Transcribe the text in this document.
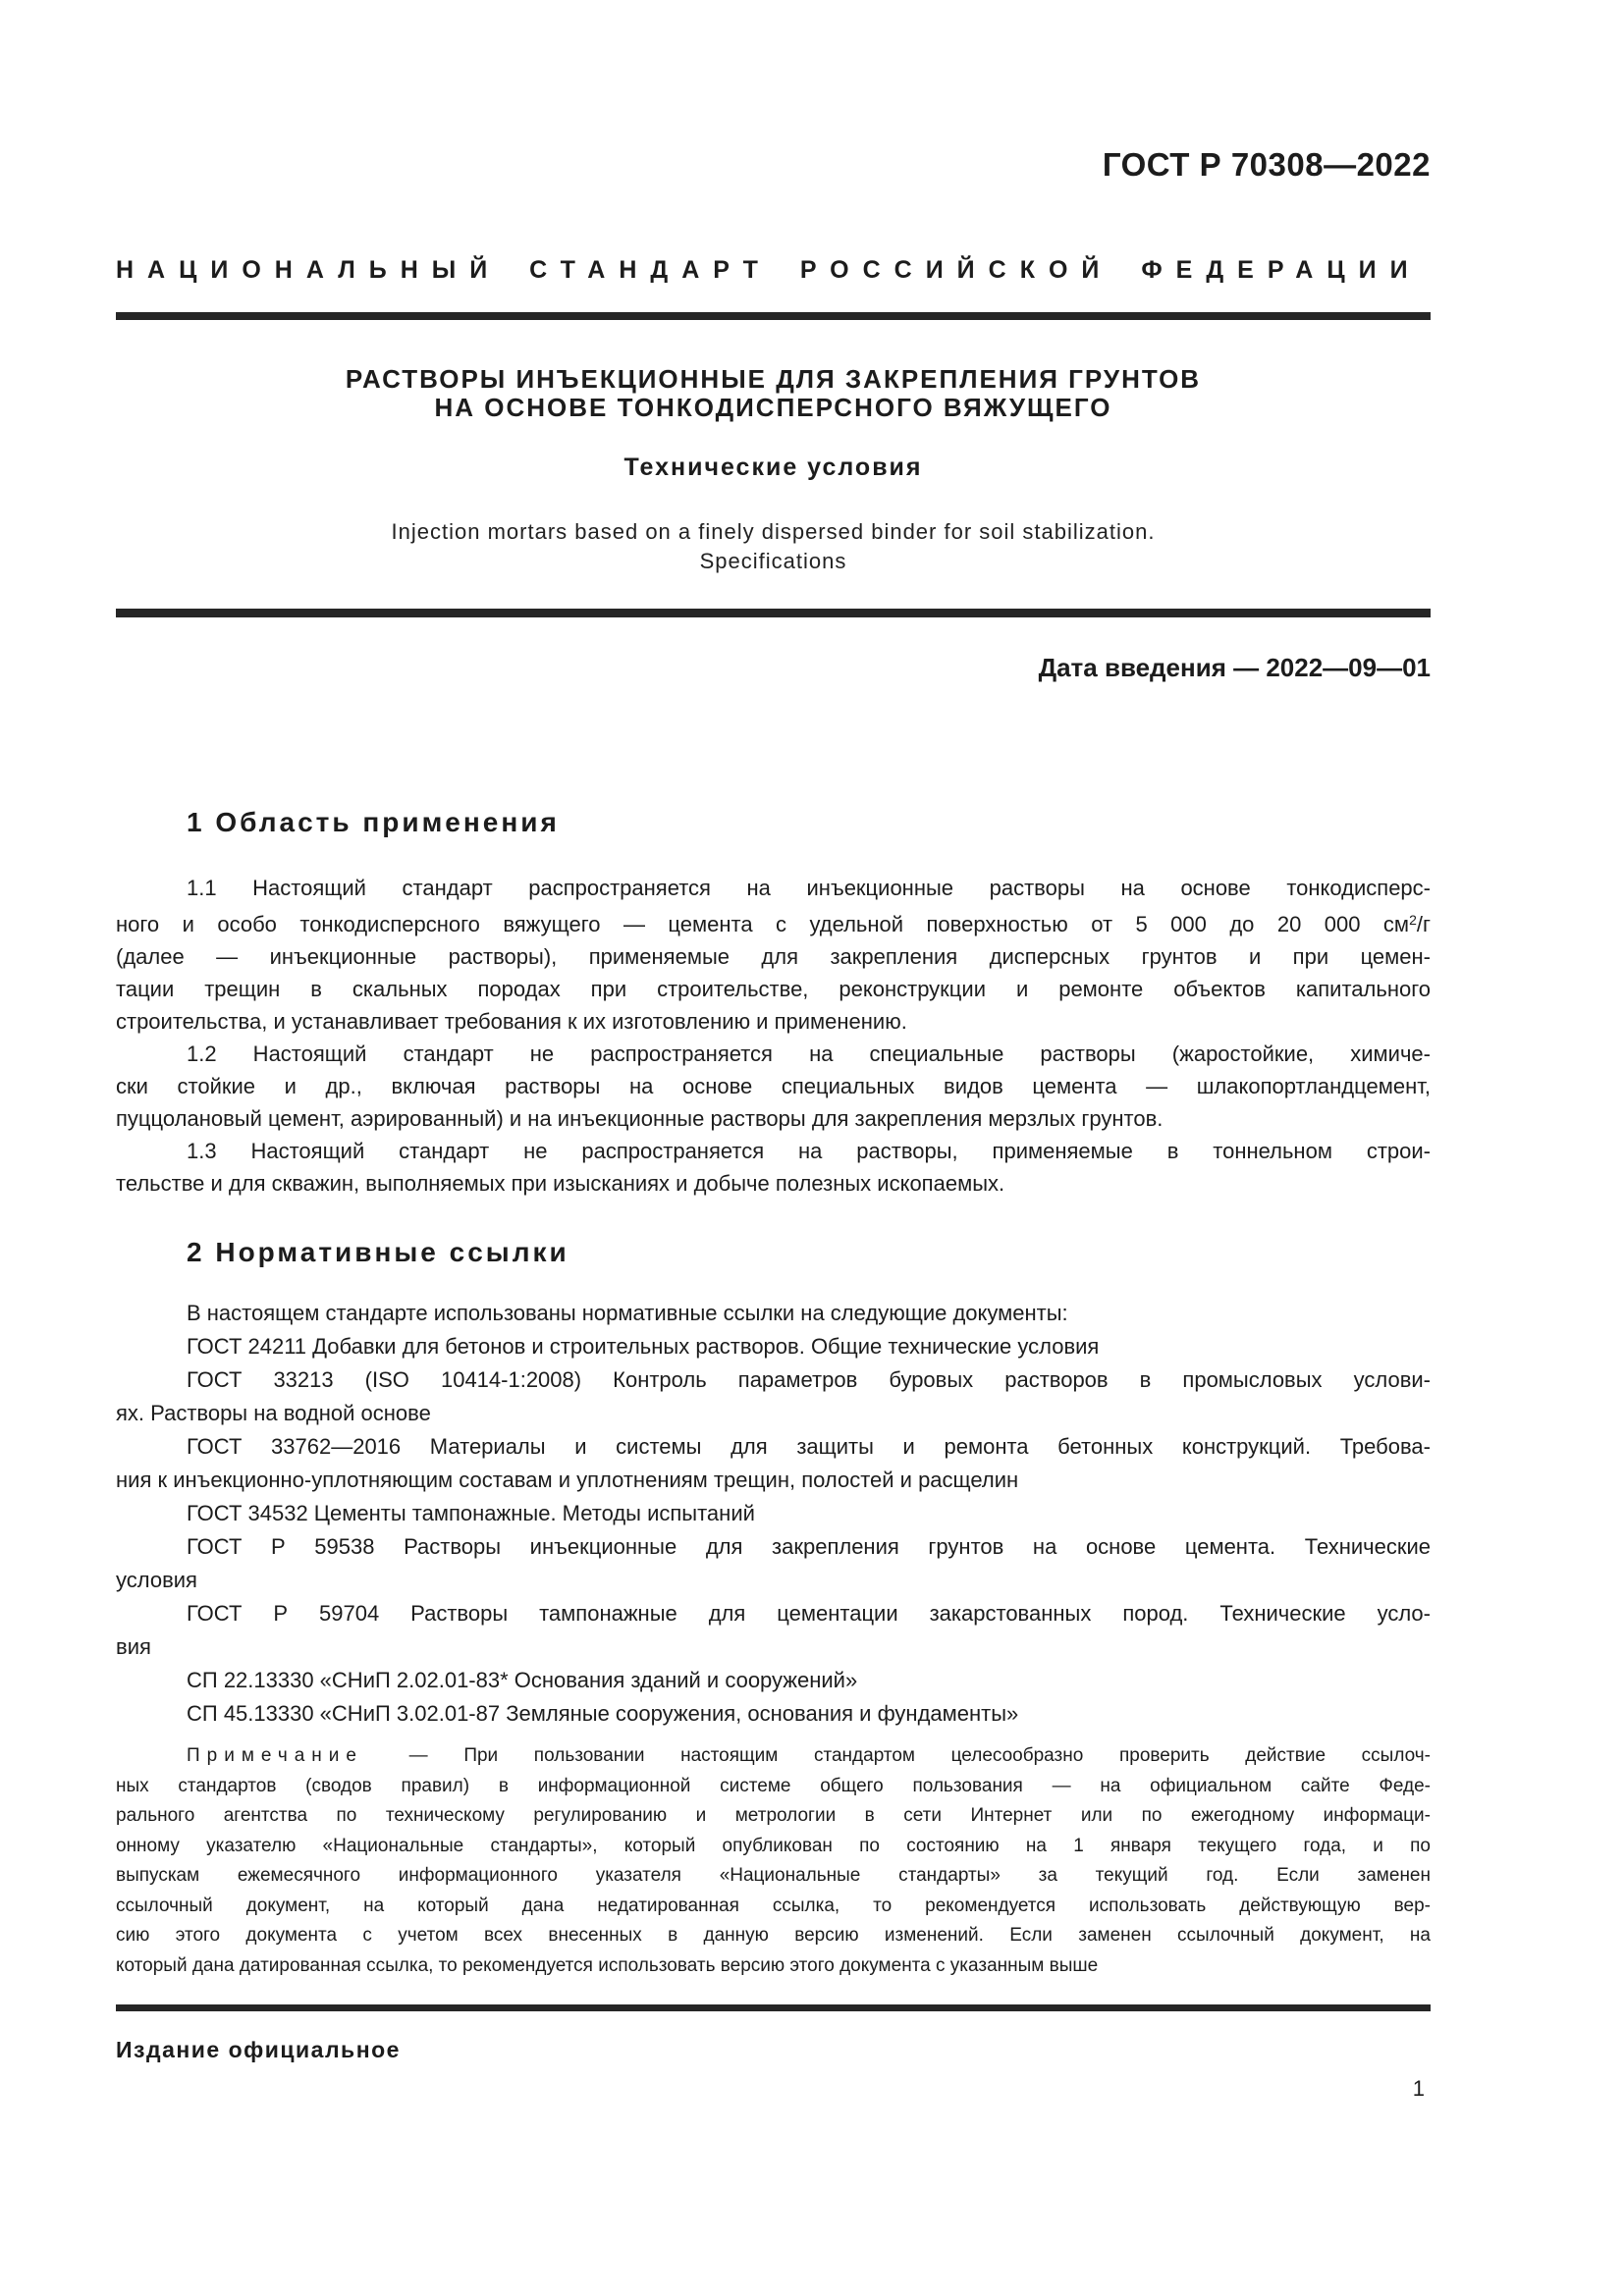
ГОСТ Р 70308—2022
НАЦИОНАЛЬНЫЙ СТАНДАРТ РОССИЙСКОЙ ФЕДЕРАЦИИ
РАСТВОРЫ ИНЪЕКЦИОННЫЕ ДЛЯ ЗАКРЕПЛЕНИЯ ГРУНТОВ
НА ОСНОВЕ ТОНКОДИСПЕРСНОГО ВЯЖУЩЕГО
Технические условия
Injection mortars based on a finely dispersed binder for soil stabilization.
Specifications
Дата введения — 2022—09—01
1 Область применения
1.1 Настоящий стандарт распространяется на инъекционные растворы на основе тонкодисперс-
ного и особо тонкодисперсного вяжущего — цемента с удельной поверхностью от 5 000 до 20 000 $см^2/г$
(далее — инъекционные растворы), применяемые для закрепления дисперсных грунтов и при цемен-
тации трещин в скальных породах при строительстве, реконструкции и ремонте объектов капитального
строительства, и устанавливает требования к их изготовлению и применению.
1.2 Настоящий стандарт не распространяется на специальные растворы (жаростойкие, химиче-
ски стойкие и др., включая растворы на основе специальных видов цемента — шлакопортландцемент,
пуццолановый цемент, аэрированный) и на инъекционные растворы для закрепления мерзлых грунтов.
1.3 Настоящий стандарт не распространяется на растворы, применяемые в тоннельном строи-
тельстве и для скважин, выполняемых при изысканиях и добыче полезных ископаемых.
2 Нормативные ссылки
В настоящем стандарте использованы нормативные ссылки на следующие документы:
ГОСТ 24211 Добавки для бетонов и строительных растворов. Общие технические условия
ГОСТ 33213 (ISO 10414-1:2008) Контроль параметров буровых растворов в промысловых услови-
ях. Растворы на водной основе
ГОСТ 33762—2016 Материалы и системы для защиты и ремонта бетонных конструкций. Требова-
ния к инъекционно-уплотняющим составам и уплотнениям трещин, полостей и расщелин
ГОСТ 34532 Цементы тампонажные. Методы испытаний
ГОСТ Р 59538 Растворы инъекционные для закрепления грунтов на основе цемента. Технические
условия
ГОСТ Р 59704 Растворы тампонажные для цементации закарстованных пород. Технические усло-
вия
СП 22.13330 «СНиП 2.02.01-83* Основания зданий и сооружений»
СП 45.13330 «СНиП 3.02.01-87 Земляные сооружения, основания и фундаменты»
Примечание — При пользовании настоящим стандартом целесообразно проверить действие ссылоч-
ных стандартов (сводов правил) в информационной системе общего пользования — на официальном сайте Феде-
рального агентства по техническому регулированию и метрологии в сети Интернет или по ежегодному информаци-
онному указателю «Национальные стандарты», который опубликован по состоянию на 1 января текущего года, и по
выпускам ежемесячного информационного указателя «Национальные стандарты» за текущий год. Если заменен
ссылочный документ, на который дана недатированная ссылка, то рекомендуется использовать действующую вер-
сию этого документа с учетом всех внесенных в данную версию изменений. Если заменен ссылочный документ, на
который дана датированная ссылка, то рекомендуется использовать версию этого документа с указанным выше
Издание официальное
1
